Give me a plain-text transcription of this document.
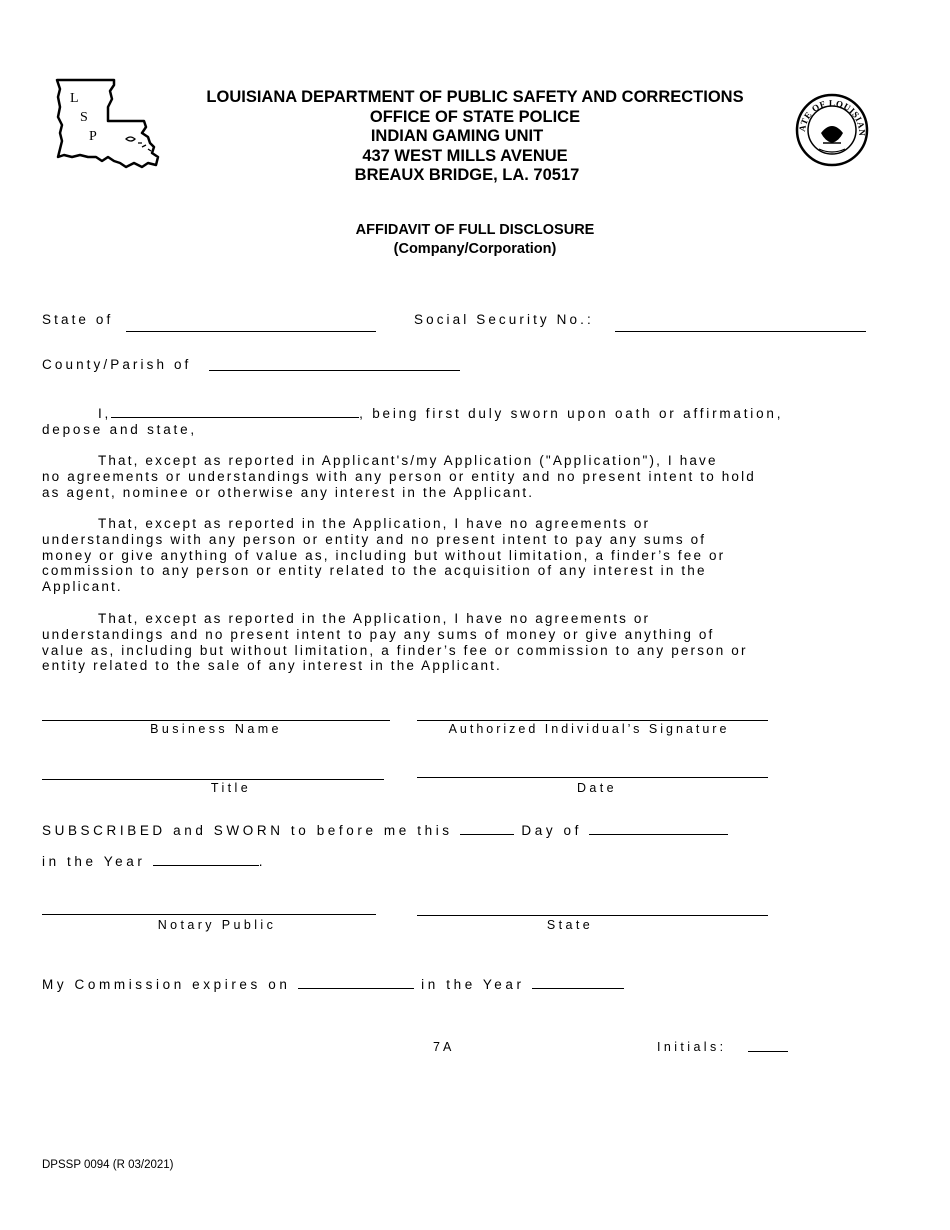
L
S
P
ATE OF LOUISIAN
LOUISIANA DEPARTMENT OF PUBLIC SAFETY AND CORRECTIONS
OFFICE OF STATE POLICE
INDIAN GAMING UNIT
437 WEST MILLS AVENUE
BREAUX BRIDGE, LA. 70517
AFFIDAVIT OF FULL DISCLOSURE
(Company/Corporation)
State of	Social Security No.:
County/Parish of
I,	, being first duly sworn upon oath or affirmation,
depose and state,
That, except as reported in Applicant's/my Application ("Application"), I have
no agreements or understandings with any person or entity and no present intent to hold
as agent, nominee or otherwise any interest in the Applicant.
That, except as reported in the Application, I have no agreements or
understandings with any person or entity and no present intent to pay any sums of
money or give anything of value as, including but without limitation, a finder’s fee or
commission to any person or entity related to the acquisition of any interest in the
Applicant.
That, except as reported in the Application, I have no agreements or
understandings and no present intent to pay any sums of money or give anything of
value as, including but without limitation, a finder’s fee or commission to any person or
entity related to the sale of any interest in the Applicant.
Business Name	Authorized Individual’s Signature
Title	Date
SUBSCRIBED and SWORN to before me this	Day of
in the Year	.
Notary Public	State
My Commission expires on	in the Year
7A	Initials:
DPSSP 0094 (R 03/2021)
